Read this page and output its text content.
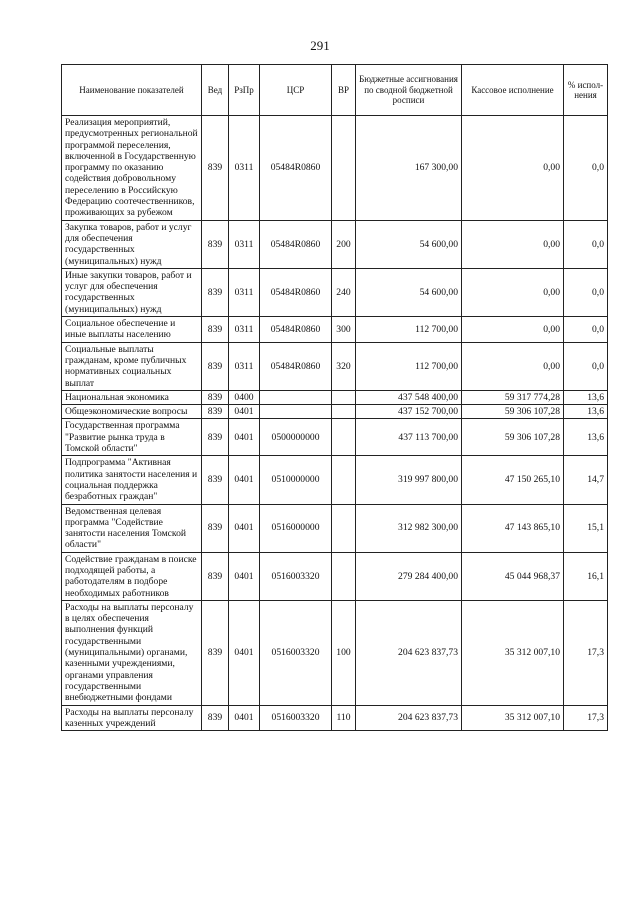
291
Наименование показателей	Вед	РзПр	ЦСР	ВР	Бюджетные ассигнования по сводной бюджетной росписи	Кассовое исполнение	% испол-нения
Реализация мероприятий, предусмотренных региональной программой переселения, включенной в Государственную программу по оказанию содействия добровольному переселению в Российскую Федерацию соотечественников, проживающих за рубежом	839	0311	05484R0860		167 300,00	0,00	0,0
Закупка товаров, работ и услуг для обеспечения государственных (муниципальных) нужд	839	0311	05484R0860	200	54 600,00	0,00	0,0
Иные закупки товаров, работ и услуг для обеспечения государственных (муниципальных) нужд	839	0311	05484R0860	240	54 600,00	0,00	0,0
Социальное обеспечение и иные выплаты населению	839	0311	05484R0860	300	112 700,00	0,00	0,0
Социальные выплаты гражданам, кроме публичных нормативных социальных выплат	839	0311	05484R0860	320	112 700,00	0,00	0,0
Национальная экономика	839	0400			437 548 400,00	59 317 774,28	13,6
Общеэкономические вопросы	839	0401			437 152 700,00	59 306 107,28	13,6
Государственная программа "Развитие рынка труда в Томской области"	839	0401	0500000000		437 113 700,00	59 306 107,28	13,6
Подпрограмма "Активная политика занятости населения и социальная поддержка безработных граждан"	839	0401	0510000000		319 997 800,00	47 150 265,10	14,7
Ведомственная целевая программа "Содействие занятости населения Томской области"	839	0401	0516000000		312 982 300,00	47 143 865,10	15,1
Содействие гражданам в поиске подходящей работы, а работодателям в подборе необходимых работников	839	0401	0516003320		279 284 400,00	45 044 968,37	16,1
Расходы на выплаты персоналу в целях обеспечения выполнения функций государственными (муниципальными) органами, казенными учреждениями, органами управления государственными внебюджетными фондами	839	0401	0516003320	100	204 623 837,73	35 312 007,10	17,3
Расходы на выплаты персоналу казенных учреждений	839	0401	0516003320	110	204 623 837,73	35 312 007,10	17,3
